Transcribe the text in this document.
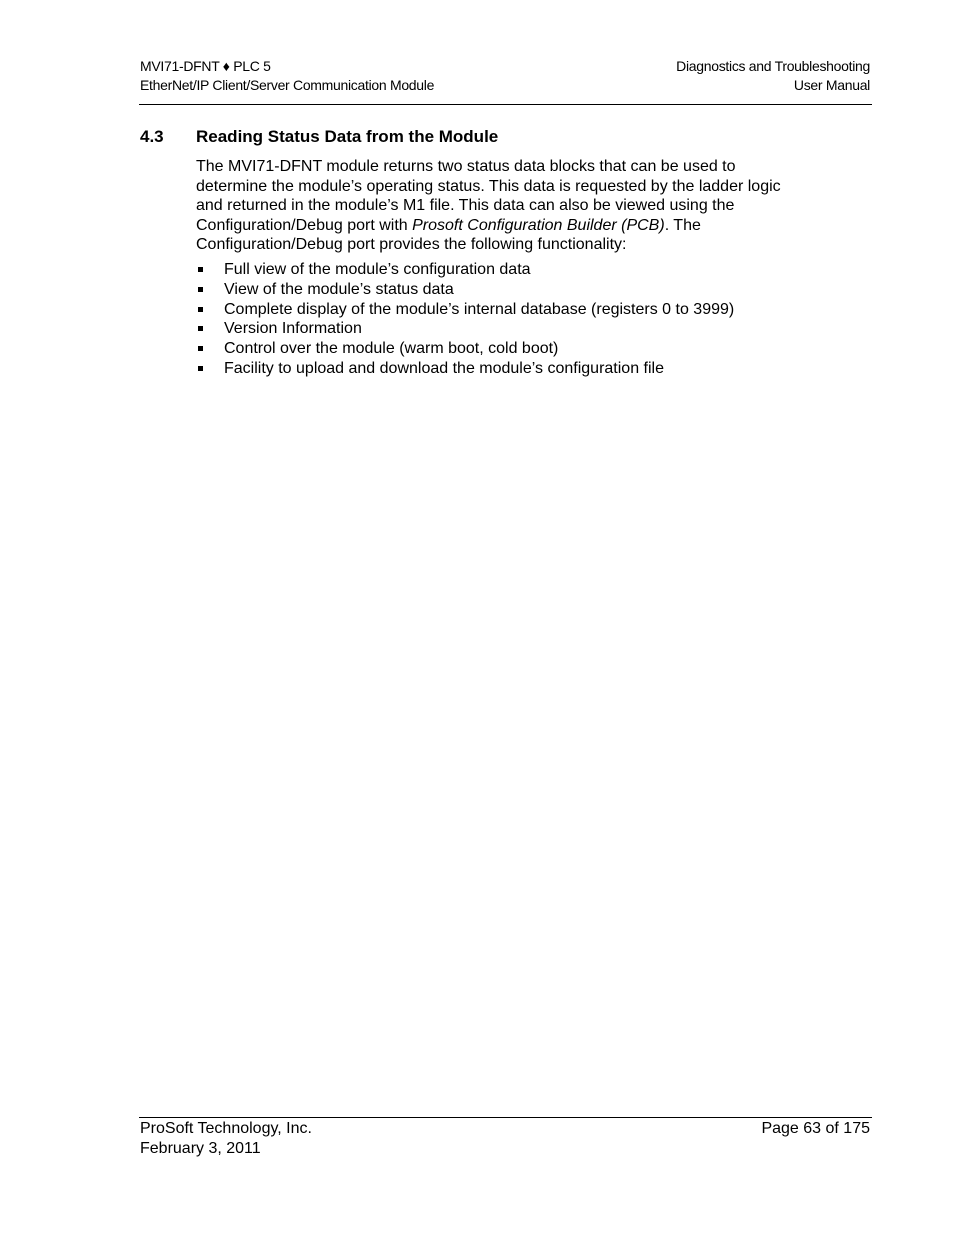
MVI71-DFNT ♦ PLC 5
EtherNet/IP Client/Server Communication Module
Diagnostics and Troubleshooting
User Manual
4.3 Reading Status Data from the Module
The MVI71-DFNT module returns two status data blocks that can be used to determine the module’s operating status. This data is requested by the ladder logic and returned in the module’s M1 file. This data can also be viewed using the Configuration/Debug port with Prosoft Configuration Builder (PCB). The Configuration/Debug port provides the following functionality:
Full view of the module’s configuration data
View of the module’s status data
Complete display of the module’s internal database (registers 0 to 3999)
Version Information
Control over the module (warm boot, cold boot)
Facility to upload and download the module’s configuration file
ProSoft Technology, Inc.
February 3, 2011
Page 63 of 175
